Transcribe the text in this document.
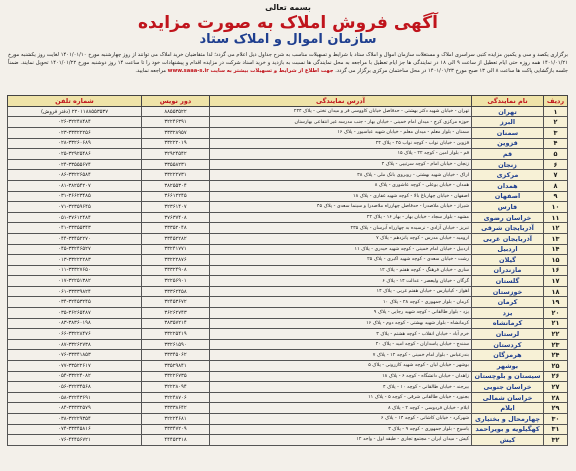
بسمه تعالی
آگهی فروش املاک به صورت مزایده
سازمان اموال و املاک ستاد
برگزاری یکصد و سی و یکمین مزایده کتبی سراسری املاک و مستغلات سازمان اموال و املاک ستاد با شرایط و تسهیلات مناسب به شرح جداول ذیل اعلام می گردد؛ لذا متقاضیان خرید املاک می توانند از روز چهارشنبه مورخ ۱۴۰۱/۰۱/۱۰ لغایت روز یکشنبه مورخ ۱۴۰۱/۰۱/۲۱ همه روزه حتی ایام تعطیل از ساعت ۹ الی ۱۸ در نمایندگی ها جز ایام تعطیل با مراجعه به محل نمایندگی ها نسبت به بازدید و خرید اسناد شرکت در مزایده اقدام و پیشنهادات خود را تا ساعت ۱۴ روز دوشنبه مورخ ۱۴۰۱/۰۱/۲۲ تحویل نمایند. ضمناً جلسه بازگشایی پاکت ها ساعت ۸ الی ۱۳ صبح مورخ ۱۴۰۱/۰۱/۲۳ در محل ساختمان مرکزی برگزار می گردد. جهت اطلاع از شرایط و تسهیلات بیشتر به سایت www.saaa-s.ir مراجعه نمایید.
ردیف	نام نمایندگی	آدرس نمایندگی	دور نویس	شماره تلفن
۱	تهران	تهران - خیابان شهید دکتر بهشتی - حدفاصل خیابان کاووسی فر و میدان تختی - پلاک ۲۴۴	۸۸۵۵۳۵۲۲	(دفتر فروش) ۲۲۰۱۱۸۸۵۵۳۵۳۷
۲	البرز	حوزه مرکزی کرج - میدان امام خمینی - خیابان بهار - جنب مدرسه غیر انتفاعی بهارستان	۳۲۲۴۶۳۹۱	۰۲۶-۳۲۲۴۸۴۸۴
۳	سمنان	سمنان - بلوار معلم - میدان معلم - خیابان شهید عباسپور - پلاک ۱۶	۳۳۳۲۸۹۵۷	۰۲۳-۳۳۳۲۲۲۵۶
۴	قزوین	قزوین - خیابان نواب - کوچه نواب ۲۵ - پلاک ۲۴	۳۳۲۲۲۰۱۹	۰۲۸-۳۳۲۶۰۶۸۹
۵	قم	قم - بلوار امین - کوچه ۲۲ - پلاک ۱۵	۳۲۹۲۴۵۴۲	۰۲۵-۳۲۹۲۵۴۸۶
۶	زنجان	زنجان - خیابان امام - کوچه سرتیپی - پلاک ۴	۳۳۵۵۸۲۳۱	۰۲۴-۳۳۵۵۵۶۷۴
۷	مرکزی	اراک - خیابان شهید بهشتی - روبروی بانک ملی - پلاک ۳۸	۳۳۲۲۲۷۳۱	۰۸۶-۳۳۲۲۶۵۸۴
۸	همدان	همدان - خیابان بوعلی - کوچه عاشوری - پلاک ۸	۳۸۲۵۵۳۰۴	۰۸۱-۳۸۲۵۴۲۰۷
۹	اصفهان	اصفهان - خیابان چهارباغ بالا - کوچه شهید غفاری - پلاک ۱۸	۳۶۶۱۲۲۴۵	۰۳۱-۳۶۶۲۳۴۸۵
۱۰	فارس	شیراز - خیابان ملاصدرا - حدفاصل چهارراه ملاصدرا و سینما سعدی - پلاک ۴۵	۳۲۳۶۱۴۰۷	۰۷۱-۳۲۳۵۹۶۴۵
۱۱	خراسان رضوی	مشهد - بلوار سجاد - خیابان بهار - بهار ۱۶ - پلاک ۲۲	۳۷۶۳۷۴۰۸	۰۵۱-۳۷۶۱۲۴۸۴
۱۲	آذربایجان شرقی	تبریز - خیابان آزادی - نرسیده به چهارراه آبرسان - پلاک ۲۳۵	۳۳۳۵۲۰۴۸	۰۴۱-۳۳۳۵۵۳۴۳
۱۳	آذربایجان غربی	ارومیه - خیابان مدرس - کوچه پانزدهم - پلاک ۷	۳۳۴۵۲۲۸۲	۰۴۴-۳۳۴۵۲۲۷۰
۱۴	اردبیل	اردبیل - خیابان امام خمینی - کوچه شهید حیدری - پلاک ۱۱	۳۳۲۴۱۷۷۱	۰۴۵-۳۳۲۴۶۵۲۷
۱۵	گیلان	رشت - خیابان سعدی - کوچه شهید اکبری - پلاک ۲۵	۳۳۲۲۲۸۷۶	۰۱۳-۳۳۲۲۲۲۸۳
۱۶	مازندران	ساری - خیابان فرهنگ - کوچه هفتم - پلاک ۱۲	۳۳۳۲۴۹۰۸	۰۱۱-۳۳۳۲۷۶۵۰
۱۷	گلستان	گرگان - خیابان ولیعصر - عدالت ۱۴ - پلاک ۶	۳۲۲۵۶۹۰۱	۰۱۷-۳۲۲۵۱۳۸۲
۱۸	خوزستان	اهواز - کیانپارس - خیابان هفتم غربی - پلاک ۱۴	۳۳۳۶۲۴۵۸	۰۶۱-۳۳۳۳۹۸۲۴
۱۹	کرمان	کرمان - بلوار جمهوری - کوچه ۲۸ - پلاک ۱۰	۳۲۴۵۳۶۷۲	۰۳۴-۳۲۴۵۳۲۴۵
۲۰	یزد	یزد - بلوار طالقانی - کوچه شهید رجایی - پلاک ۹	۳۶۲۶۲۷۴۳	۰۳۵-۳۶۲۶۵۴۸۷
۲۱	کرمانشاه	کرمانشاه - بلوار شهید بهشتی - کوچه دوم - پلاک ۱۶	۳۸۳۵۷۲۱۴	۰۸۳-۳۸۳۶۰۱۹۸
۲۲	لرستان	خرم آباد - خیابان انقلاب - کوچه هشتم - پلاک ۳	۳۳۲۲۵۴۱۹	۰۶۶-۳۳۲۲۸۴۷۶
۲۳	کردستان	سنندج - خیابان پاسداران - کوچه امید - پلاک ۲۰	۳۳۲۶۱۵۹۰	۰۸۷-۳۳۲۶۲۷۳۸
۲۴	هرمزگان	بندرعباس - بلوار امام خمینی - کوچه ۱۲ - پلاک ۷	۳۳۳۴۵۰۶۲	۰۷۶-۳۳۳۴۱۸۵۳
۲۵	بوشهر	بوشهر - خیابان لیان - کوچه شهید کازرونی - پلاک ۵	۳۳۵۲۹۸۴۱	۰۷۷-۳۳۵۲۲۶۱۷
۲۶	سیستان و بلوچستان	زاهدان - خیابان دانشگاه - کوچه ۶ - پلاک ۱۸	۳۳۲۲۶۷۳۵	۰۵۴-۳۳۲۲۴۰۸۲
۲۷	خراسان جنوبی	بیرجند - خیابان طالقانی - کوچه ۱۰ - پلاک ۴	۳۲۲۲۸۰۹۴	۰۵۶-۳۲۲۳۴۵۶۸
۲۸	خراسان شمالی	بجنورد - خیابان طالقانی شرقی - کوچه ۵ - پلاک ۱۱	۳۲۲۴۸۷۰۶	۰۵۸-۳۲۲۴۳۶۹۱
۲۹	ایلام	ایلام - خیابان فردوسی - کوچه ۲ - پلاک ۸	۳۳۳۳۸۶۴۲	۰۸۴-۳۳۳۳۲۵۷۹
۳۰	چهارمحال و بختیاری	شهرکرد - خیابان کاشانی - کوچه ۱۴ - پلاک ۶	۳۲۲۲۴۶۸۱	۰۳۸-۳۲۲۲۹۳۵۴
۳۱	کهگیلویه و بویراحمد	یاسوج - بلوار جمهوری - کوچه ۹ - پلاک ۳	۳۳۳۴۷۲۰۹	۰۷۴-۳۳۳۴۵۸۱۶
۳۲	کیش	کیش - میدان ایران - مجتمع تجاری - طبقه اول - واحد ۱۲	۴۴۴۵۲۳۱۸	۰۷۶-۴۴۴۵۶۷۲۱
